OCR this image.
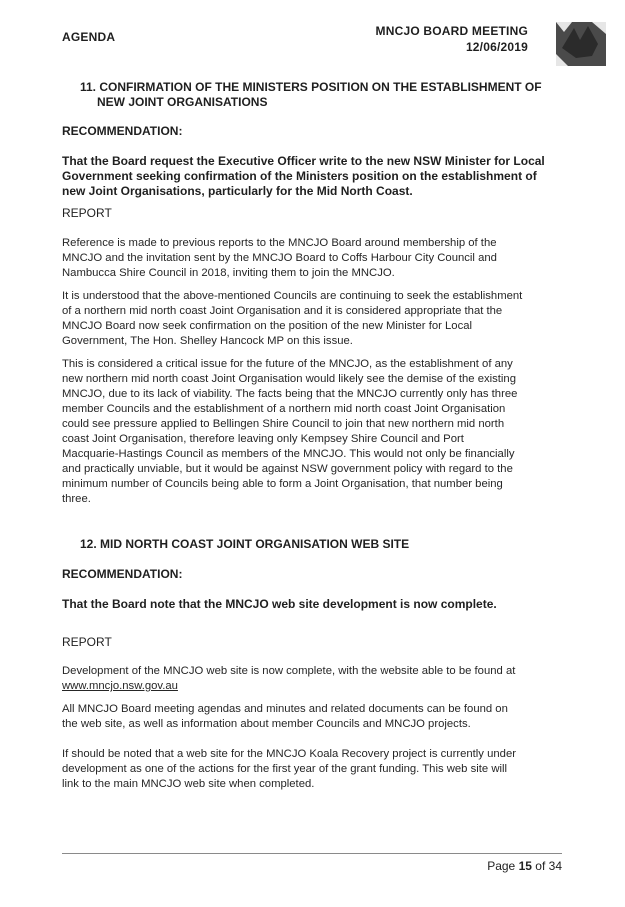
AGENDA	MNCJO BOARD MEETING
12/06/2019
11. CONFIRMATION OF THE MINISTERS POSITION ON THE ESTABLISHMENT OF
NEW JOINT ORGANISATIONS
RECOMMENDATION:
That the Board request the Executive Officer write to the new NSW Minister for Local
Government seeking confirmation of the Ministers position on the establishment of
new Joint Organisations, particularly for the Mid North Coast.
REPORT
Reference is made to previous reports to the MNCJO Board around membership of the
MNCJO and the invitation sent by the MNCJO Board to Coffs Harbour City Council and
Nambucca Shire Council in 2018, inviting them to join the MNCJO.
It is understood that the above-mentioned Councils are continuing to seek the establishment
of a northern mid north coast Joint Organisation and it is considered appropriate that the
MNCJO Board now seek confirmation on the position of the new Minister for Local
Government, The Hon. Shelley Hancock MP on this issue.
This is considered a critical issue for the future of the MNCJO, as the establishment of any
new northern mid north coast Joint Organisation would likely see the demise of the existing
MNCJO, due to its lack of viability. The facts being that the MNCJO currently only has three
member Councils and the establishment of a northern mid north coast Joint Organisation
could see pressure applied to Bellingen Shire Council to join that new northern mid north
coast Joint Organisation, therefore leaving only Kempsey Shire Council and Port
Macquarie-Hastings Council as members of the MNCJO. This would not only be financially
and practically unviable, but it would be against NSW government policy with regard to the
minimum number of Councils being able to form a Joint Organisation, that number being
three.
12. MID NORTH COAST JOINT ORGANISATION WEB SITE
RECOMMENDATION:
That the Board note that the MNCJO web site development is now complete.
REPORT
Development of the MNCJO web site is now complete, with the website able to be found at
www.mncjo.nsw.gov.au
All MNCJO Board meeting agendas and minutes and related documents can be found on
the web site, as well as information about member Councils and MNCJO projects.
If should be noted that a web site for the MNCJO Koala Recovery project is currently under
development as one of the actions for the first year of the grant funding. This web site will
link to the main MNCJO web site when completed.
Page 15 of 34
